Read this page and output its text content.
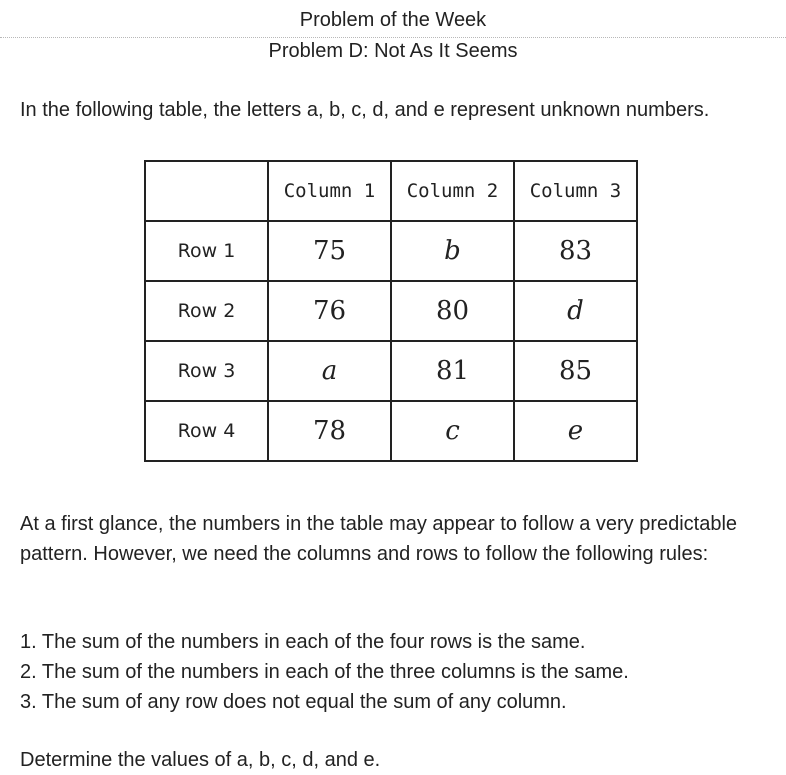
Problem of the Week
Problem D: Not As It Seems

In the following table, the letters a, b, c, d, and e represent unknown numbers.

	Column 1	Column 2	Column 3
Row 1	75	b	83
Row 2	76	80	d
Row 3	a	81	85
Row 4	78	c	e

At a first glance, the numbers in the table may appear to follow a very predictable pattern. However, we need the columns and rows to follow the following rules:

1. The sum of the numbers in each of the four rows is the same.
2. The sum of the numbers in each of the three columns is the same.
3. The sum of any row does not equal the sum of any column.

Determine the values of a, b, c, d, and e.
